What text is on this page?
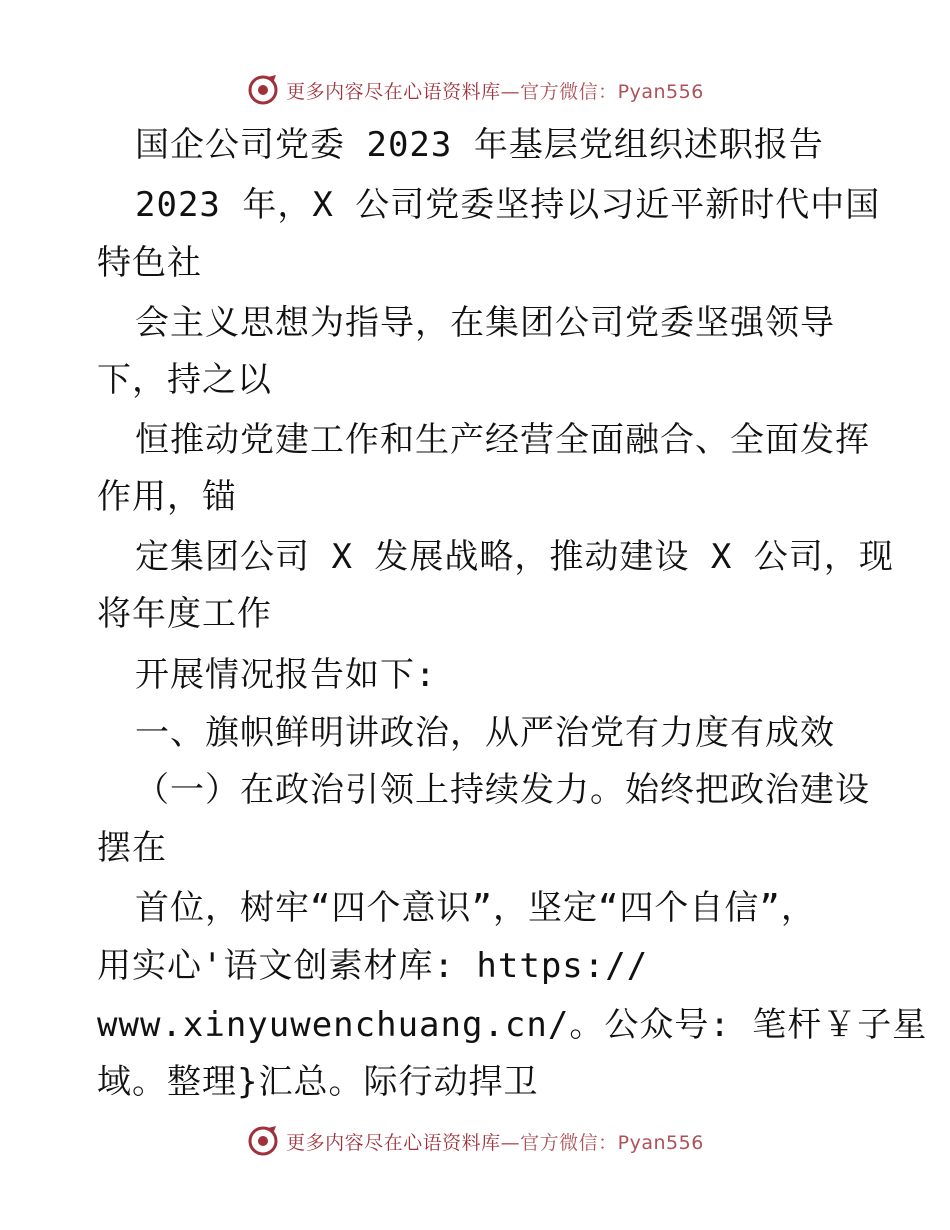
更多内容尽在心语资料库—官方微信：Pyan556
国企公司党委 2023 年基层党组织述职报告
2023 年，X 公司党委坚持以习近平新时代中国
特色社
会主义思想为指导，在集团公司党委坚强领导
下，持之以
恒推动党建工作和生产经营全面融合、全面发挥
作用，锚
定集团公司 X 发展战略，推动建设 X 公司，现
将年度工作
开展情况报告如下:
一、旗帜鲜明讲政治，从严治党有力度有成效
（一）在政治引领上持续发力。始终把政治建设
摆在
首位，树牢“四个意识”，坚定“四个自信”，
用实心'语文创素材库: https://
www.xinyuwenchuang.cn/。公众号: 笔杆￥子星
域。整理}汇总。际行动捍卫
更多内容尽在心语资料库—官方微信：Pyan556
